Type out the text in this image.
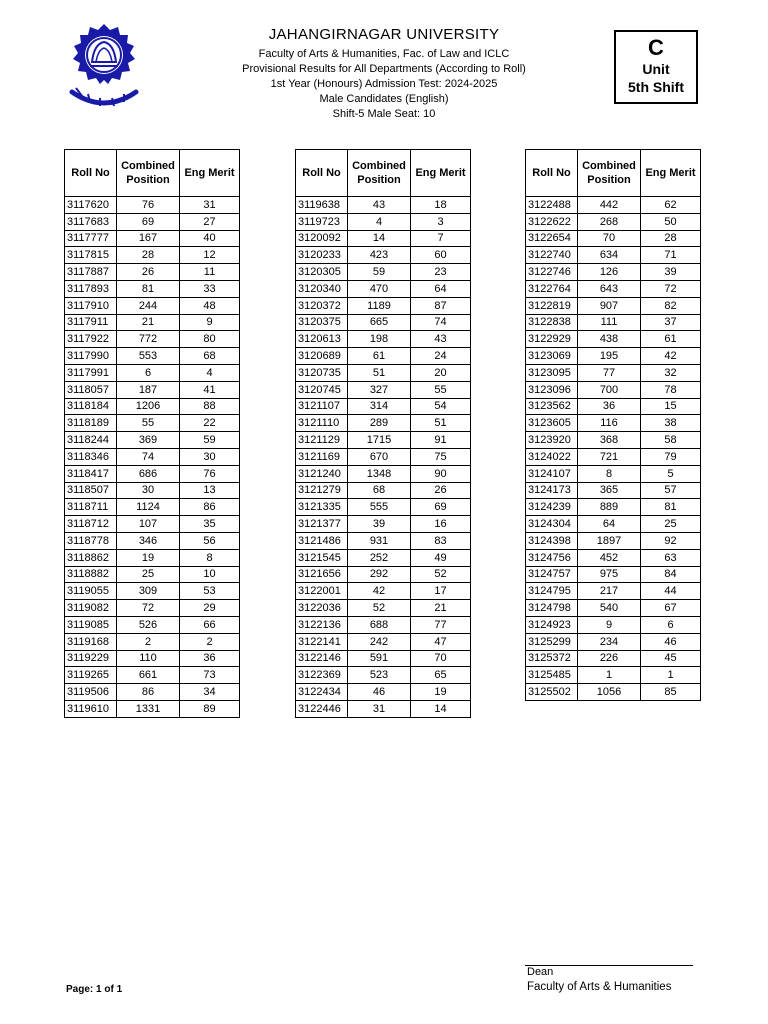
JAHANGIRNAGAR UNIVERSITY
Faculty of Arts & Humanities, Fac. of Law and ICLC
Provisional Results for All Departments (According to Roll)
1st Year (Honours) Admission Test: 2024-2025
Male Candidates (English)
Shift-5 Male Seat: 10
C
Unit
5th Shift
Roll No	Combined Position	Eng Merit
3117620	76	31
3117683	69	27
3117777	167	40
3117815	28	12
3117887	26	11
3117893	81	33
3117910	244	48
3117911	21	9
3117922	772	80
3117990	553	68
3117991	6	4
3118057	187	41
3118184	1206	88
3118189	55	22
3118244	369	59
3118346	74	30
3118417	686	76
3118507	30	13
3118711	1124	86
3118712	107	35
3118778	346	56
3118862	19	8
3118882	25	10
3119055	309	53
3119082	72	29
3119085	526	66
3119168	2	2
3119229	110	36
3119265	661	73
3119506	86	34
3119610	1331	89
Roll No	Combined Position	Eng Merit
3119638	43	18
3119723	4	3
3120092	14	7
3120233	423	60
3120305	59	23
3120340	470	64
3120372	1189	87
3120375	665	74
3120613	198	43
3120689	61	24
3120735	51	20
3120745	327	55
3121107	314	54
3121110	289	51
3121129	1715	91
3121169	670	75
3121240	1348	90
3121279	68	26
3121335	555	69
3121377	39	16
3121486	931	83
3121545	252	49
3121656	292	52
3122001	42	17
3122036	52	21
3122136	688	77
3122141	242	47
3122146	591	70
3122369	523	65
3122434	46	19
3122446	31	14
Roll No	Combined Position	Eng Merit
3122488	442	62
3122622	268	50
3122654	70	28
3122740	634	71
3122746	126	39
3122764	643	72
3122819	907	82
3122838	111	37
3122929	438	61
3123069	195	42
3123095	77	32
3123096	700	78
3123562	36	15
3123605	116	38
3123920	368	58
3124022	721	79
3124107	8	5
3124173	365	57
3124239	889	81
3124304	64	25
3124398	1897	92
3124756	452	63
3124757	975	84
3124795	217	44
3124798	540	67
3124923	9	6
3125299	234	46
3125372	226	45
3125485	1	1
3125502	1056	85
Page: 1 of 1
Dean
Faculty of Arts & Humanities
